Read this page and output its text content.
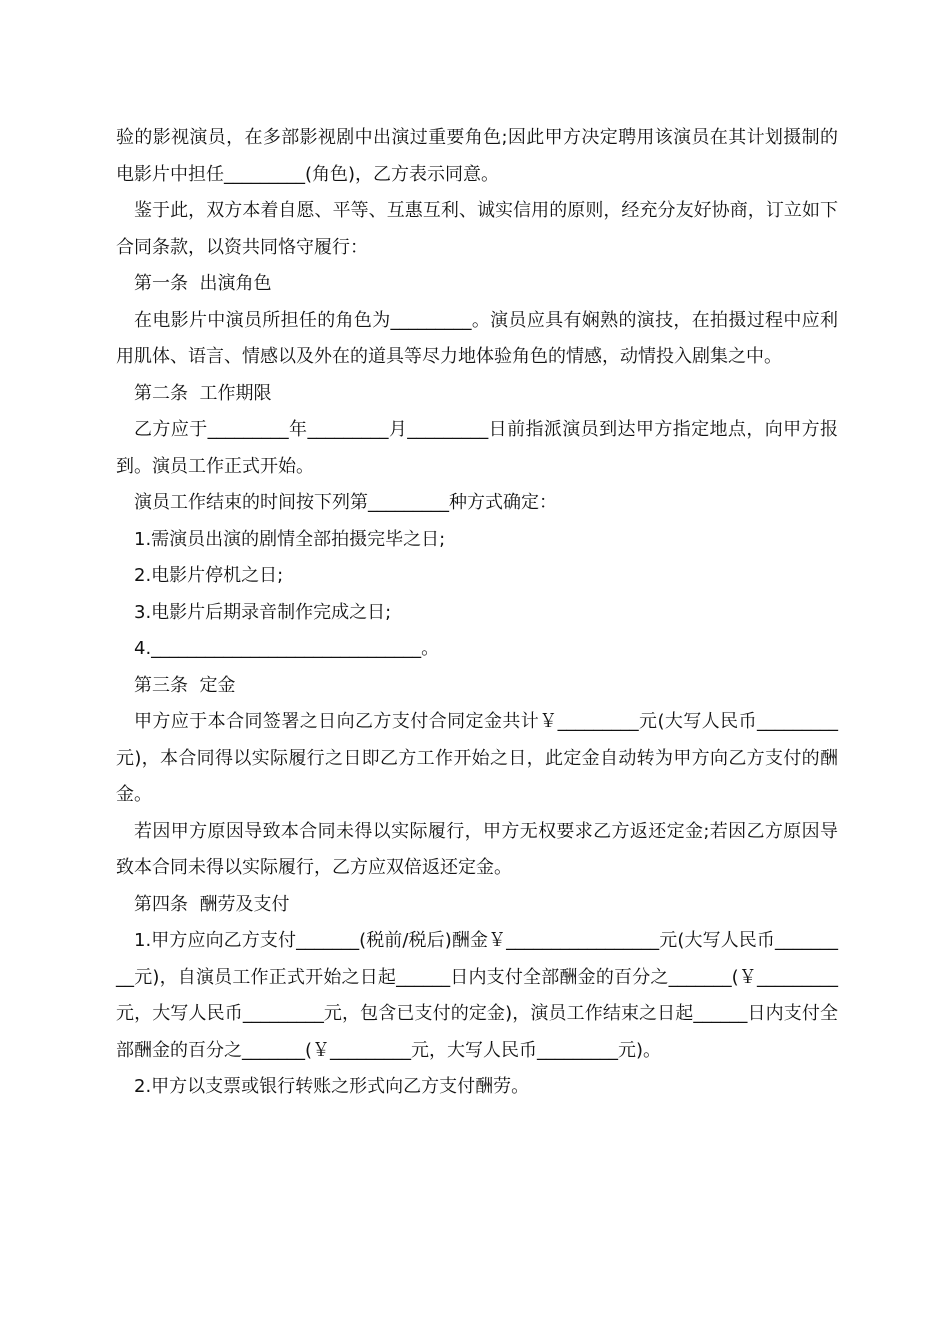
验的影视演员，在多部影视剧中出演过重要角色;因此甲方决定聘用该演员在其计划摄制的电影片中担任_________(角色)，乙方表示同意。

鉴于此，双方本着自愿、平等、互惠互利、诚实信用的原则，经充分友好协商，订立如下合同条款，以资共同恪守履行：

第一条  出演角色

在电影片中演员所担任的角色为_________。演员应具有娴熟的演技，在拍摄过程中应利用肌体、语言、情感以及外在的道具等尽力地体验角色的情感，动情投入剧集之中。

第二条  工作期限

乙方应于_________年_________月_________日前指派演员到达甲方指定地点，向甲方报到。演员工作正式开始。

演员工作结束的时间按下列第_________种方式确定：

1.需演员出演的剧情全部拍摄完毕之日;

2.电影片停机之日;

3.电影片后期录音制作完成之日;

4.______________________________。

第三条  定金

甲方应于本合同签署之日向乙方支付合同定金共计￥_________元(大写人民币_________元)，本合同得以实际履行之日即乙方工作开始之日，此定金自动转为甲方向乙方支付的酬金。

若因甲方原因导致本合同未得以实际履行，甲方无权要求乙方返还定金;若因乙方原因导致本合同未得以实际履行，乙方应双倍返还定金。

第四条  酬劳及支付

1.甲方应向乙方支付_______(税前/税后)酬金￥_________________元(大写人民币_________元)，自演员工作正式开始之日起______日内支付全部酬金的百分之_______(￥_________元，大写人民币_________元，包含已支付的定金)，演员工作结束之日起______日内支付全部酬金的百分之_______(￥_________元，大写人民币_________元)。

2.甲方以支票或银行转账之形式向乙方支付酬劳。
